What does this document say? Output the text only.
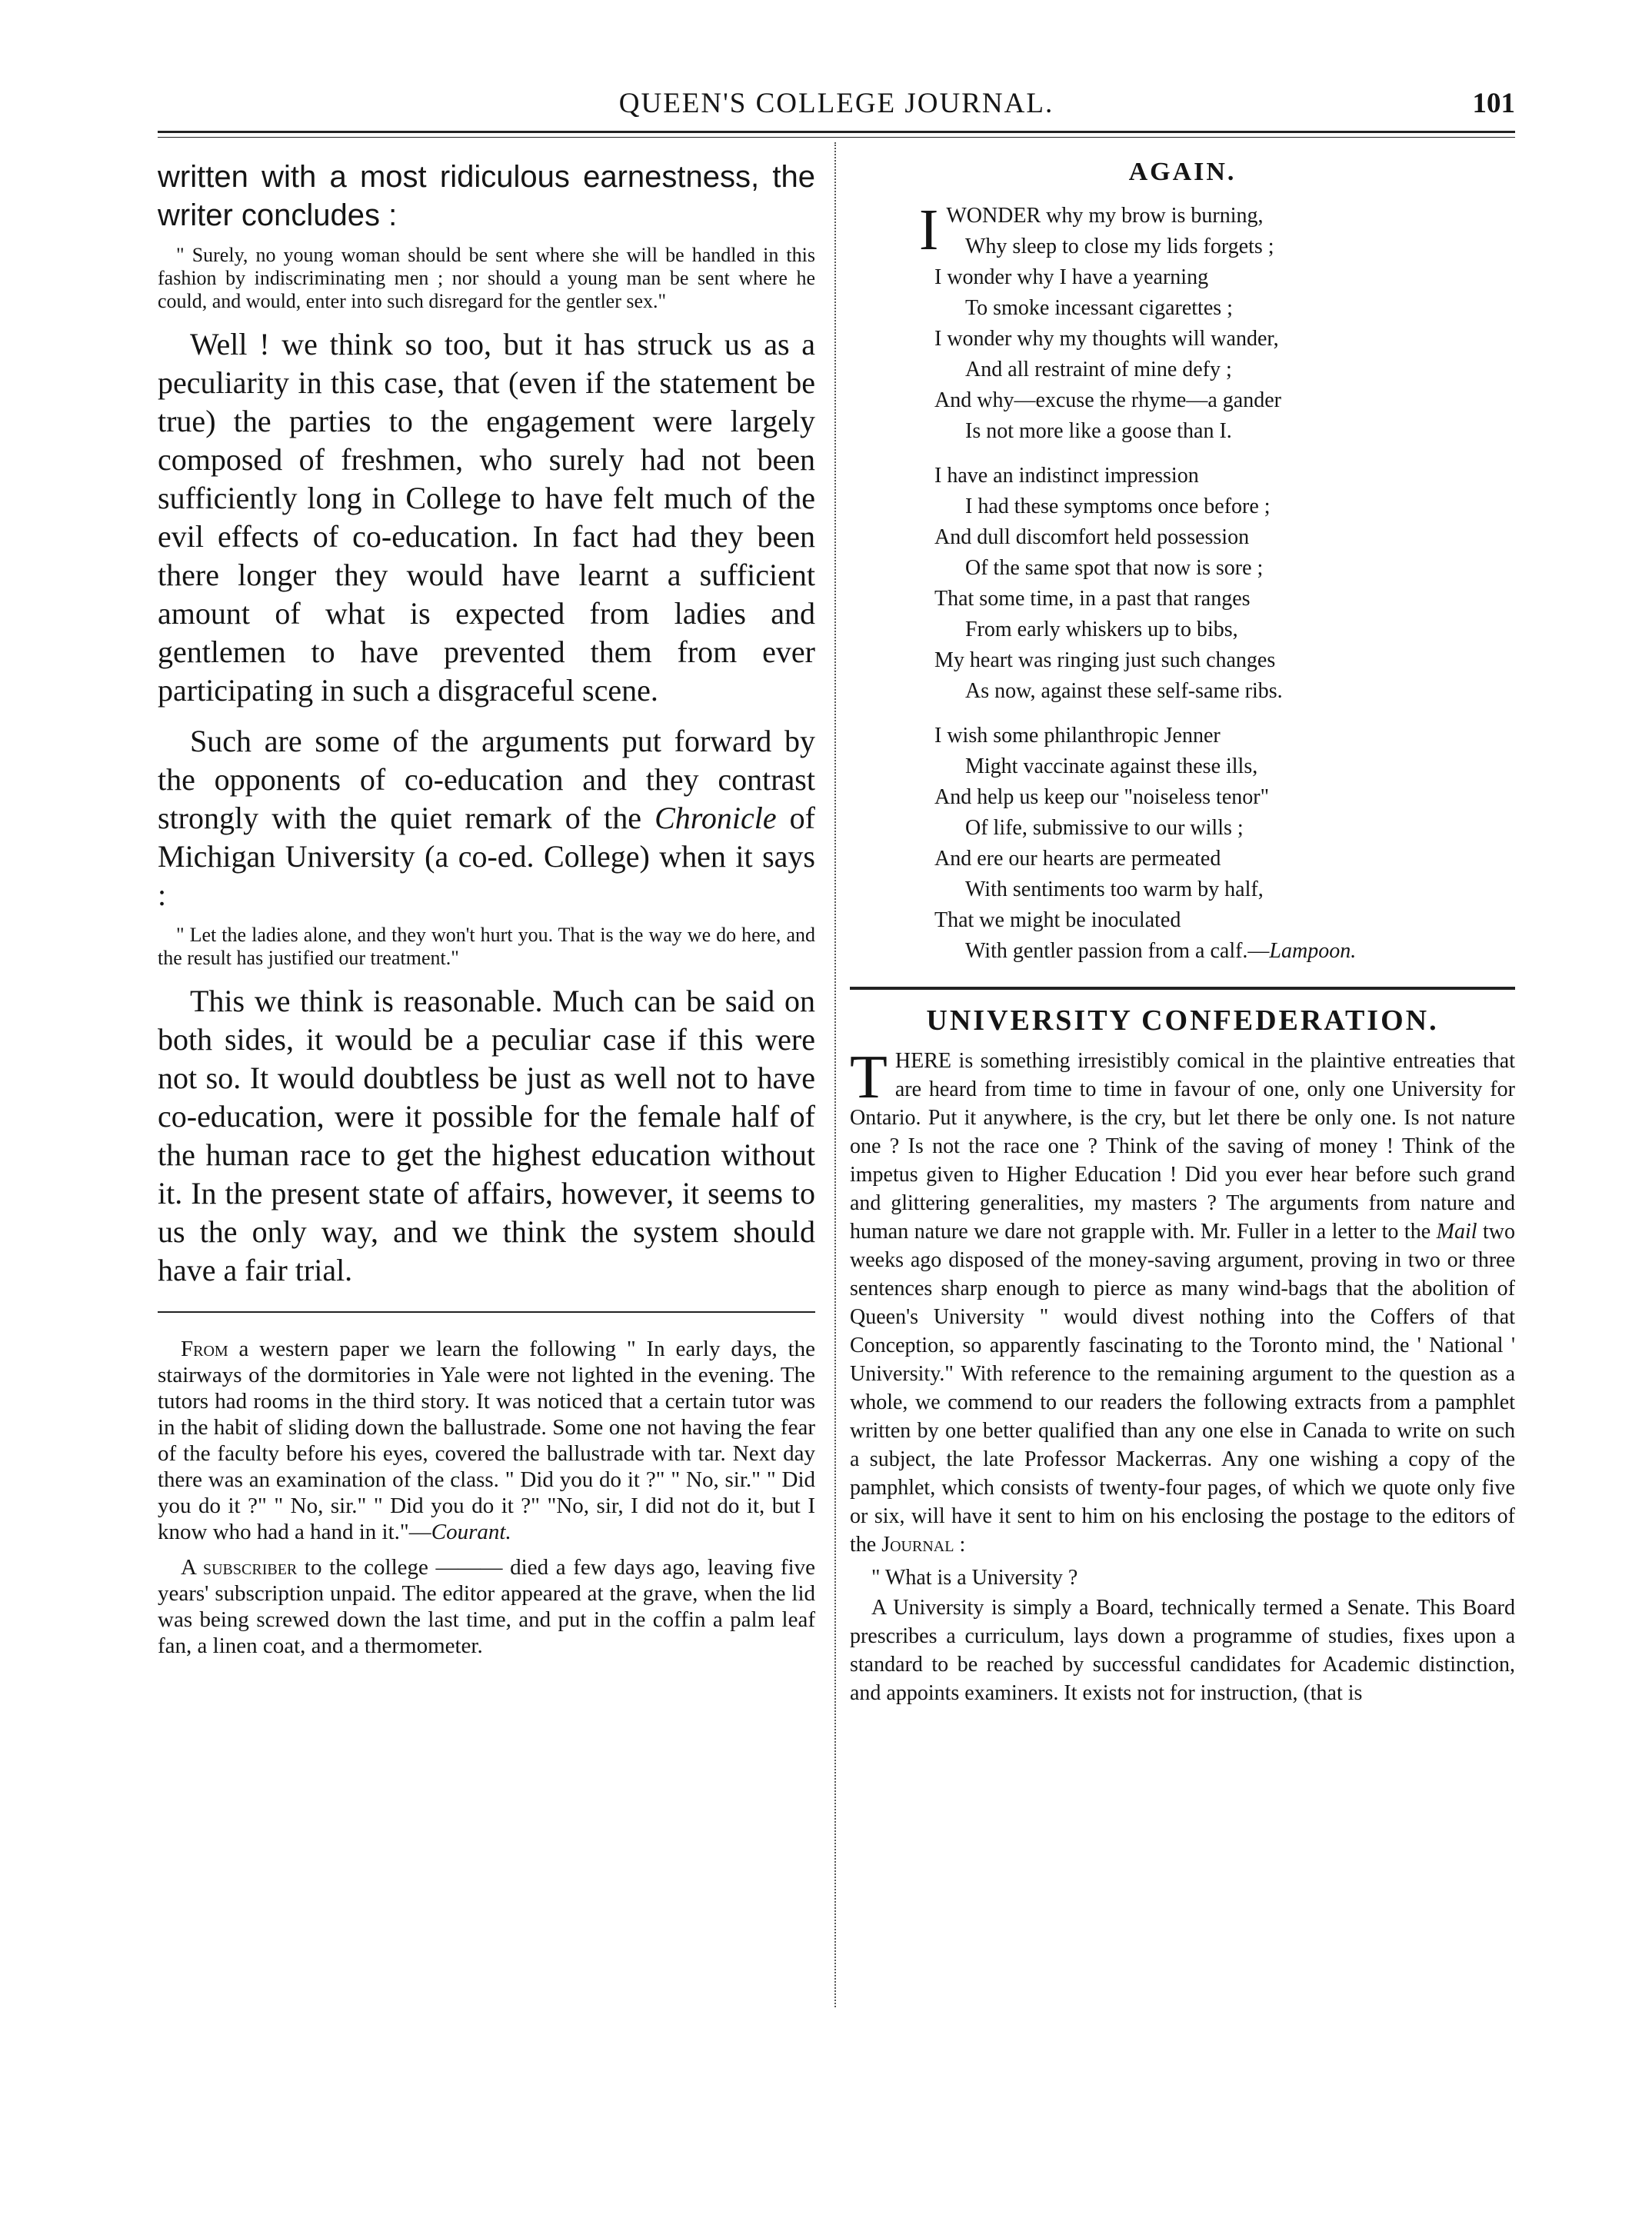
QUEEN'S COLLEGE JOURNAL.	101

written with a most ridiculous earnestness, the writer concludes :

" Surely, no young woman should be sent where she will be handled in this fashion by indiscriminating men ; nor should a young man be sent where he could, and would, enter into such disregard for the gentler sex."

Well ! we think so too, but it has struck us as a peculiarity in this case, that (even if the statement be true) the parties to the engagement were largely composed of freshmen, who surely had not been sufficiently long in College to have felt much of the evil effects of co-education. In fact had they been there longer they would have learnt a sufficient amount of what is expected from ladies and gentlemen to have prevented them from ever participating in such a disgraceful scene.

Such are some of the arguments put forward by the opponents of co-education and they contrast strongly with the quiet remark of the Chronicle of Michigan University (a co-ed. College) when it says :

" Let the ladies alone, and they won't hurt you. That is the way we do here, and the result has justified our treatment."

This we think is reasonable. Much can be said on both sides, it would be a peculiar case if this were not so. It would doubtless be just as well not to have co-education, were it possible for the female half of the human race to get the highest education without it. In the present state of affairs, however, it seems to us the only way, and we think the system should have a fair trial.

From a western paper we learn the following " In early days, the stairways of the dormitories in Yale were not lighted in the evening. The tutors had rooms in the third story. It was noticed that a certain tutor was in the habit of sliding down the ballustrade. Some one not having the fear of the faculty before his eyes, covered the ballustrade with tar. Next day there was an examination of the class. " Did you do it ?" " No, sir." " Did you do it ?" " No, sir." " Did you do it ?" "No, sir, I did not do it, but I know who had a hand in it."—Courant.

A subscriber to the college ——— died a few days ago, leaving five years' subscription unpaid. The editor appeared at the grave, when the lid was being screwed down the last time, and put in the coffin a palm leaf fan, a linen coat, and a thermometer.

AGAIN.
IWONDER why my brow is burning,
Why sleep to close my lids forgets ;
I wonder why I have a yearning
To smoke incessant cigarettes ;
I wonder why my thoughts will wander,
And all restraint of mine defy ;
And why—excuse the rhyme—a gander
Is not more like a goose than I.
I have an indistinct impression
I had these symptoms once before ;
And dull discomfort held possession
Of the same spot that now is sore ;
That some time, in a past that ranges
From early whiskers up to bibs,
My heart was ringing just such changes
As now, against these self-same ribs.
I wish some philanthropic Jenner
Might vaccinate against these ills,
And help us keep our "noiseless tenor"
Of life, submissive to our wills ;
And ere our hearts are permeated
With sentiments too warm by half,
That we might be inoculated
With gentler passion from a calf.—Lampoon.
UNIVERSITY CONFEDERATION.

THERE is something irresistibly comical in the plaintive entreaties that are heard from time to time in favour of one, only one University for Ontario. Put it anywhere, is the cry, but let there be only one. Is not nature one ? Is not the race one ? Think of the saving of money ! Think of the impetus given to Higher Education ! Did you ever hear before such grand and glittering generalities, my masters ? The arguments from nature and human nature we dare not grapple with. Mr. Fuller in a letter to the Mail two weeks ago disposed of the money-saving argument, proving in two or three sentences sharp enough to pierce as many wind-bags that the abolition of Queen's University " would divest nothing into the Coffers of that Conception, so apparently fascinating to the Toronto mind, the ' National ' University." With reference to the remaining argument to the question as a whole, we commend to our readers the following extracts from a pamphlet written by one better qualified than any one else in Canada to write on such a subject, the late Professor Mackerras. Any one wishing a copy of the pamphlet, which consists of twenty-four pages, of which we quote only five or six, will have it sent to him on his enclosing the postage to the editors of the Journal :

" What is a University ?

A University is simply a Board, technically termed a Senate. This Board prescribes a curriculum, lays down a programme of studies, fixes upon a standard to be reached by successful candidates for Academic distinction, and appoints examiners. It exists not for instruction, (that is
